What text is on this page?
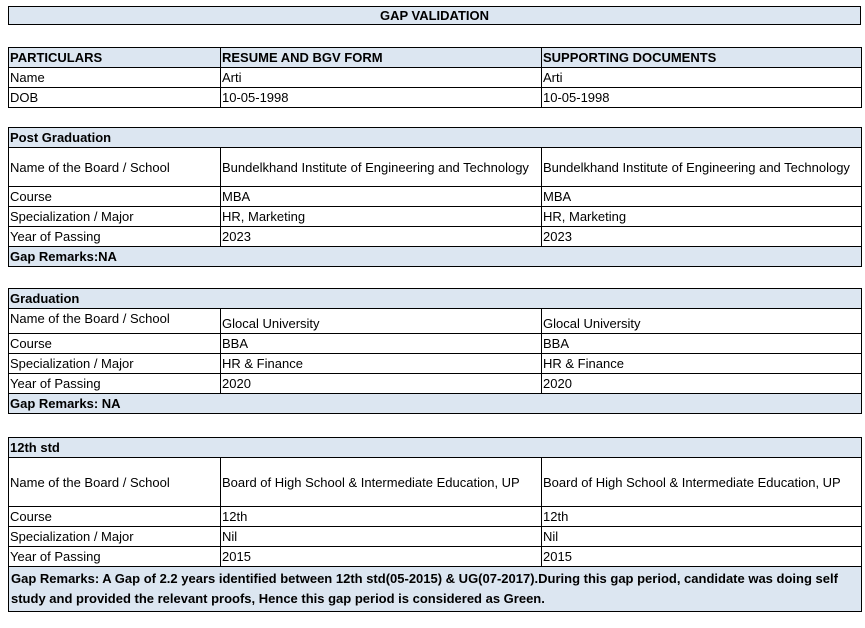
GAP VALIDATION
PARTICULARS	RESUME AND BGV FORM	SUPPORTING DOCUMENTS
Name	Arti	Arti
DOB	10-05-1998	10-05-1998
Post Graduation		
Name of the Board / School	Bundelkhand Institute of Engineering and Technology	Bundelkhand Institute of Engineering and Technology
Course	MBA	MBA
Specialization / Major	HR, Marketing	HR, Marketing
Year of Passing	2023	2023
Gap Remarks:NA		
Graduation		
Name of the Board / School	Glocal University	Glocal University
Course	BBA	BBA
Specialization / Major	HR & Finance	HR & Finance
Year of Passing	2020	2020
Gap Remarks: NA		
12th std		
Name of the Board / School	Board of High School & Intermediate Education, UP	Board of High School & Intermediate Education, UP
Course	12th	12th
Specialization / Major	Nil	Nil
Year of Passing	2015	2015
Gap Remarks: A Gap of 2.2 years identified between 12th std(05-2015) & UG(07-2017).During this gap period, candidate was doing self study and provided the relevant proofs, Hence this gap period is considered as Green.		
